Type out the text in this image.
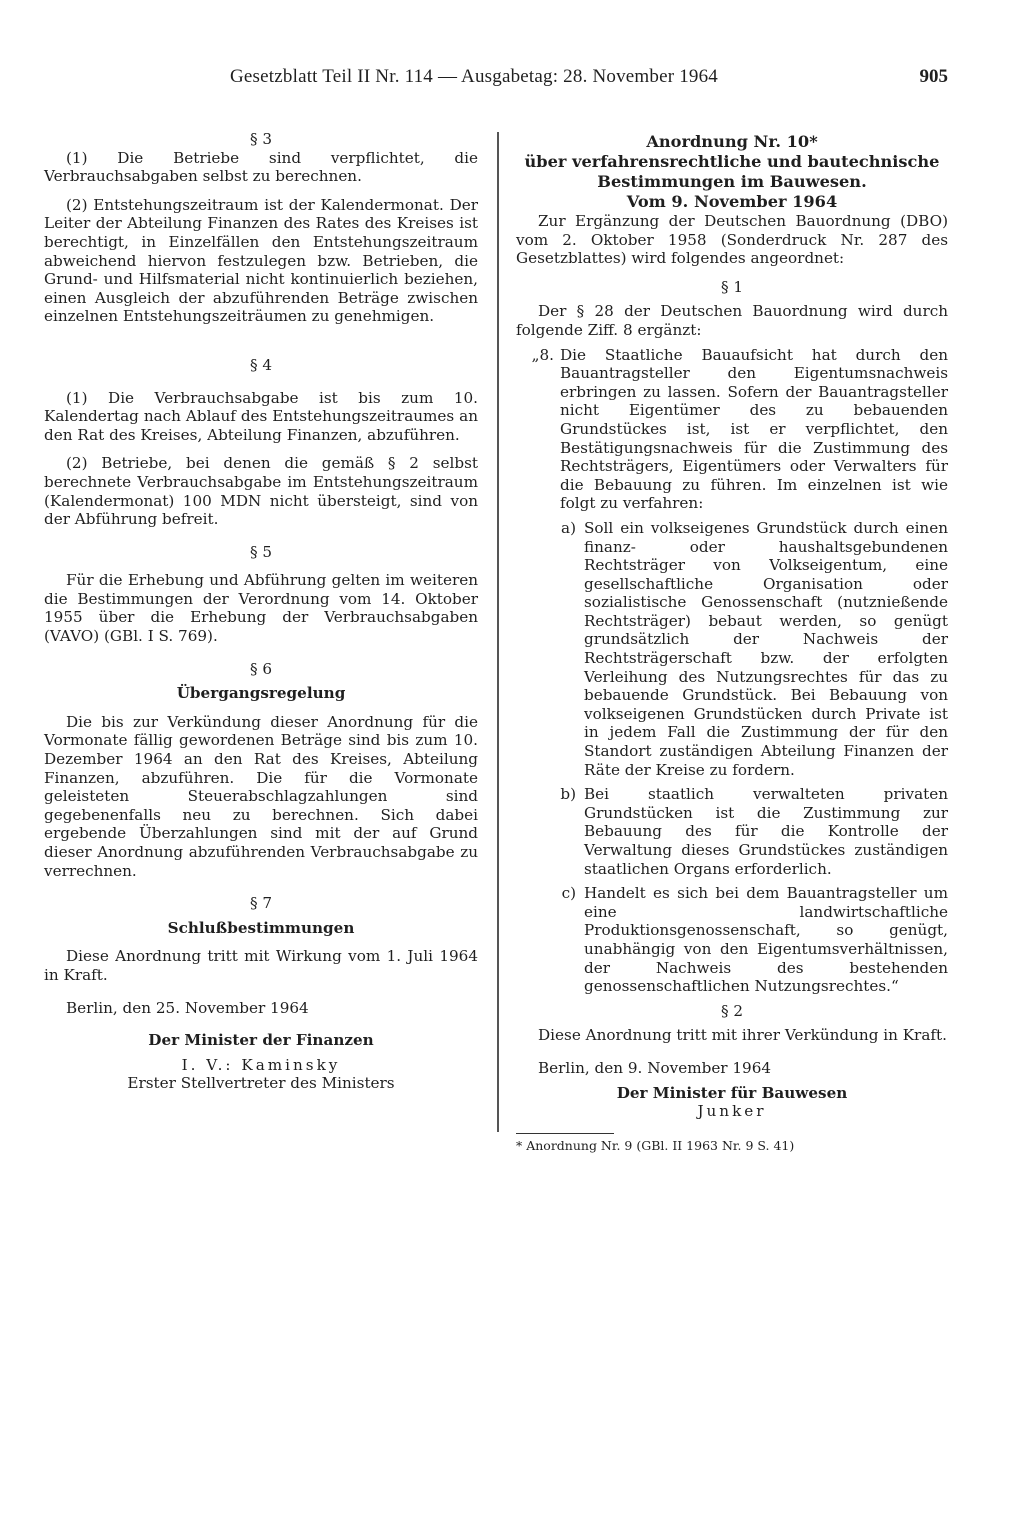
Gesetzblatt Teil II Nr. 114 — Ausgabetag: 28. November 1964	905

§ 3

(1) Die Betriebe sind verpflichtet, die Verbrauchsabgaben selbst zu berechnen.

(2) Entstehungszeitraum ist der Kalendermonat. Der Leiter der Abteilung Finanzen des Rates des Kreises ist berechtigt, in Einzelfällen den Entstehungszeitraum abweichend hiervon festzulegen bzw. Betrieben, die Grund- und Hilfsmaterial nicht kontinuierlich beziehen, einen Ausgleich der abzuführenden Beträge zwischen einzelnen Entstehungszeiträumen zu genehmigen.

§ 4

(1) Die Verbrauchsabgabe ist bis zum 10. Kalendertag nach Ablauf des Entstehungszeitraumes an den Rat des Kreises, Abteilung Finanzen, abzuführen.

(2) Betriebe, bei denen die gemäß § 2 selbst berechnete Verbrauchsabgabe im Entstehungszeitraum (Kalendermonat) 100 MDN nicht übersteigt, sind von der Abführung befreit.

§ 5

Für die Erhebung und Abführung gelten im weiteren die Bestimmungen der Verordnung vom 14. Oktober 1955 über die Erhebung der Verbrauchsabgaben (VAVO) (GBl. I S. 769).

§ 6

Übergangsregelung

Die bis zur Verkündung dieser Anordnung für die Vormonate fällig gewordenen Beträge sind bis zum 10. Dezember 1964 an den Rat des Kreises, Abteilung Finanzen, abzuführen. Die für die Vormonate geleisteten Steuerabschlagzahlungen sind gegebenenfalls neu zu berechnen. Sich dabei ergebende Überzahlungen sind mit der auf Grund dieser Anordnung abzuführenden Verbrauchsabgabe zu verrechnen.

§ 7

Schlußbestimmungen

Diese Anordnung tritt mit Wirkung vom 1. Juli 1964 in Kraft.

Berlin, den 25. November 1964

Der Minister der Finanzen

I. V.: Kaminsky

Erster Stellvertreter des Ministers

Anordnung Nr. 10*

über verfahrensrechtliche und bautechnische

Bestimmungen im Bauwesen.

Vom 9. November 1964

Zur Ergänzung der Deutschen Bauordnung (DBO) vom 2. Oktober 1958 (Sonderdruck Nr. 287 des Gesetzblattes) wird folgendes angeordnet:

§ 1

Der § 28 der Deutschen Bauordnung wird durch folgende Ziff. 8 ergänzt:

„8. Die Staatliche Bauaufsicht hat durch den Bauantragsteller den Eigentumsnachweis erbringen zu lassen. Sofern der Bauantragsteller nicht Eigentümer des zu bebauenden Grundstückes ist, ist er verpflichtet, den Bestätigungsnachweis für die Zustimmung des Rechtsträgers, Eigentümers oder Verwalters für die Bebauung zu führen. Im einzelnen ist wie folgt zu verfahren:
a) Soll ein volkseigenes Grundstück durch einen finanz- oder haushaltsgebundenen Rechtsträger von Volkseigentum, eine gesellschaftliche Organisation oder sozialistische Genossenschaft (nutznießende Rechtsträger) bebaut werden, so genügt grundsätzlich der Nachweis der Rechtsträgerschaft bzw. der erfolgten Verleihung des Nutzungsrechtes für das zu bebauende Grundstück. Bei Bebauung von volkseigenen Grundstücken durch Private ist in jedem Fall die Zustimmung der für den Standort zuständigen Abteilung Finanzen der Räte der Kreise zu fordern.
b) Bei staatlich verwalteten privaten Grundstücken ist die Zustimmung zur Bebauung des für die Kontrolle der Verwaltung dieses Grundstückes zuständigen staatlichen Organs erforderlich.
c) Handelt es sich bei dem Bauantragsteller um eine landwirtschaftliche Produktionsgenossenschaft, so genügt, unabhängig von den Eigentumsverhältnissen, der Nachweis des bestehenden genossenschaftlichen Nutzungsrechtes.“

§ 2

Diese Anordnung tritt mit ihrer Verkündung in Kraft.

Berlin, den 9. November 1964

Der Minister für Bauwesen

Junker

* Anordnung Nr. 9 (GBl. II 1963 Nr. 9 S. 41)
